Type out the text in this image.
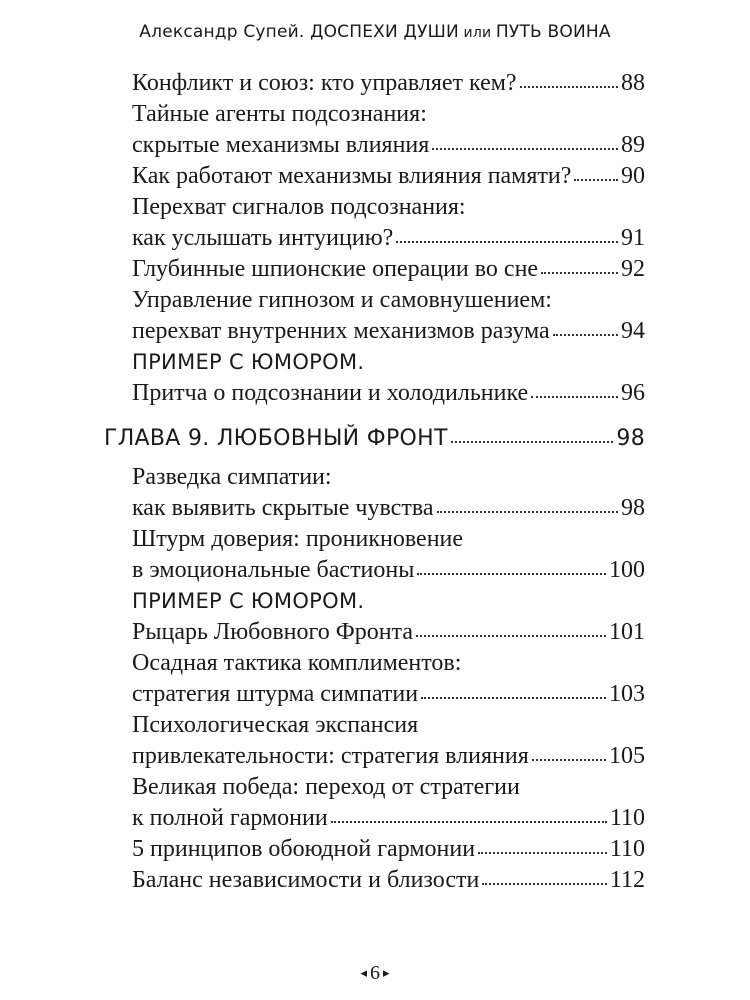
Александр Супей. ДОСПЕХИ ДУШИ или ПУТЬ ВОИНА
Конфликт и союз: кто управляет кем?	88
Тайные агенты подсознания:
скрытые механизмы влияния	89
Как работают механизмы влияния памяти? 90
Перехват сигналов подсознания:
как услышать интуицию?	91
Глубинные шпионские операции во сне	92
Управление гипнозом и самовнушением:
перехват внутренних механизмов разума	94
ПРИМЕР С ЮМОРОМ.
Притча о подсознании и холодильнике	96
ГЛАВА 9. ЛЮБОВНЫЙ ФРОНТ	98
Разведка симпатии:
как выявить скрытые чувства	98
Штурм доверия: проникновение
в эмоциональные бастионы	100
ПРИМЕР С ЮМОРОМ.
Рыцарь Любовного Фронта	101
Осадная тактика комплиментов:
стратегия штурма симпатии	103
Психологическая экспансия
привлекательности: стратегия влияния	105
Великая победа: переход от стратегии
к полной гармонии	110
5 принципов обоюдной гармонии	110
Баланс независимости и близости	112
◂ 6 ▸
